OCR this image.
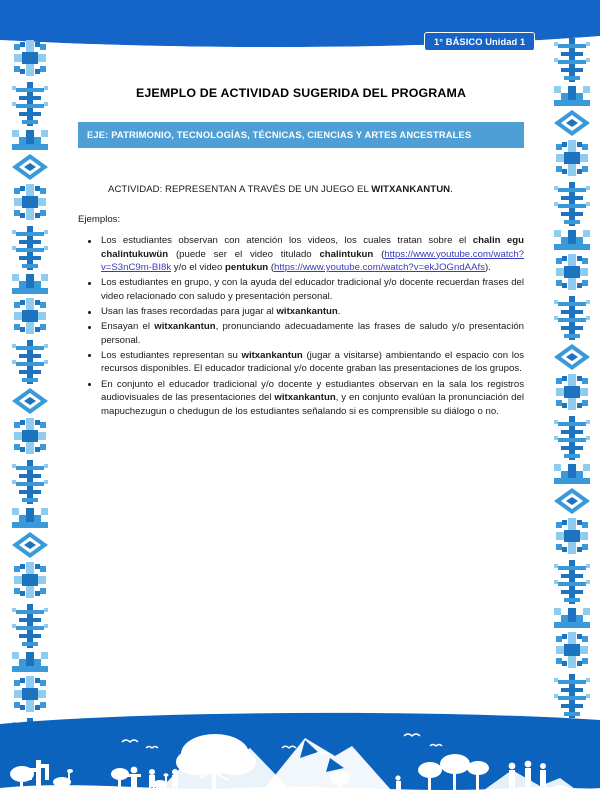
1° BÁSICO Unidad 1
EJEMPLO DE ACTIVIDAD SUGERIDA DEL PROGRAMA
EJE: PATRIMONIO, TECNOLOGÍAS, TÉCNICAS, CIENCIAS Y ARTES ANCESTRALES
ACTIVIDAD: REPRESENTAN A TRAVÉS DE UN JUEGO EL WITXANKANTUN.
Ejemplos:
Los estudiantes observan con atención los videos, los cuales tratan sobre el chalin egu chalintukuwün (puede ser el video titulado chalintukun (https://www.youtube.com/watch?v=S3nC9m-BI8k y/o el video pentukun (https://www.youtube.com/watch?v=ekJOGndAAfs).
Los estudiantes en grupo, y con la ayuda del educador tradicional y/o docente recuerdan frases del video relacionado con saludo y presentación personal.
Usan las frases recordadas para jugar al witxankantun.
Ensayan el witxankantun, pronunciando adecuadamente las frases de saludo y/o presentación personal.
Los estudiantes representan su witxankantun (jugar a visitarse) ambientando el espacio con los recursos disponibles. El educador tradicional y/o docente graban las presentaciones de los grupos.
En conjunto el educador tradicional y/o docente y estudiantes observan en la sala los registros audiovisuales de las presentaciones del witxankantun, y en conjunto evalúan la pronunciación del mapuchezugun o chedugun de los estudiantes señalando si es comprensible su diálogo o no.
